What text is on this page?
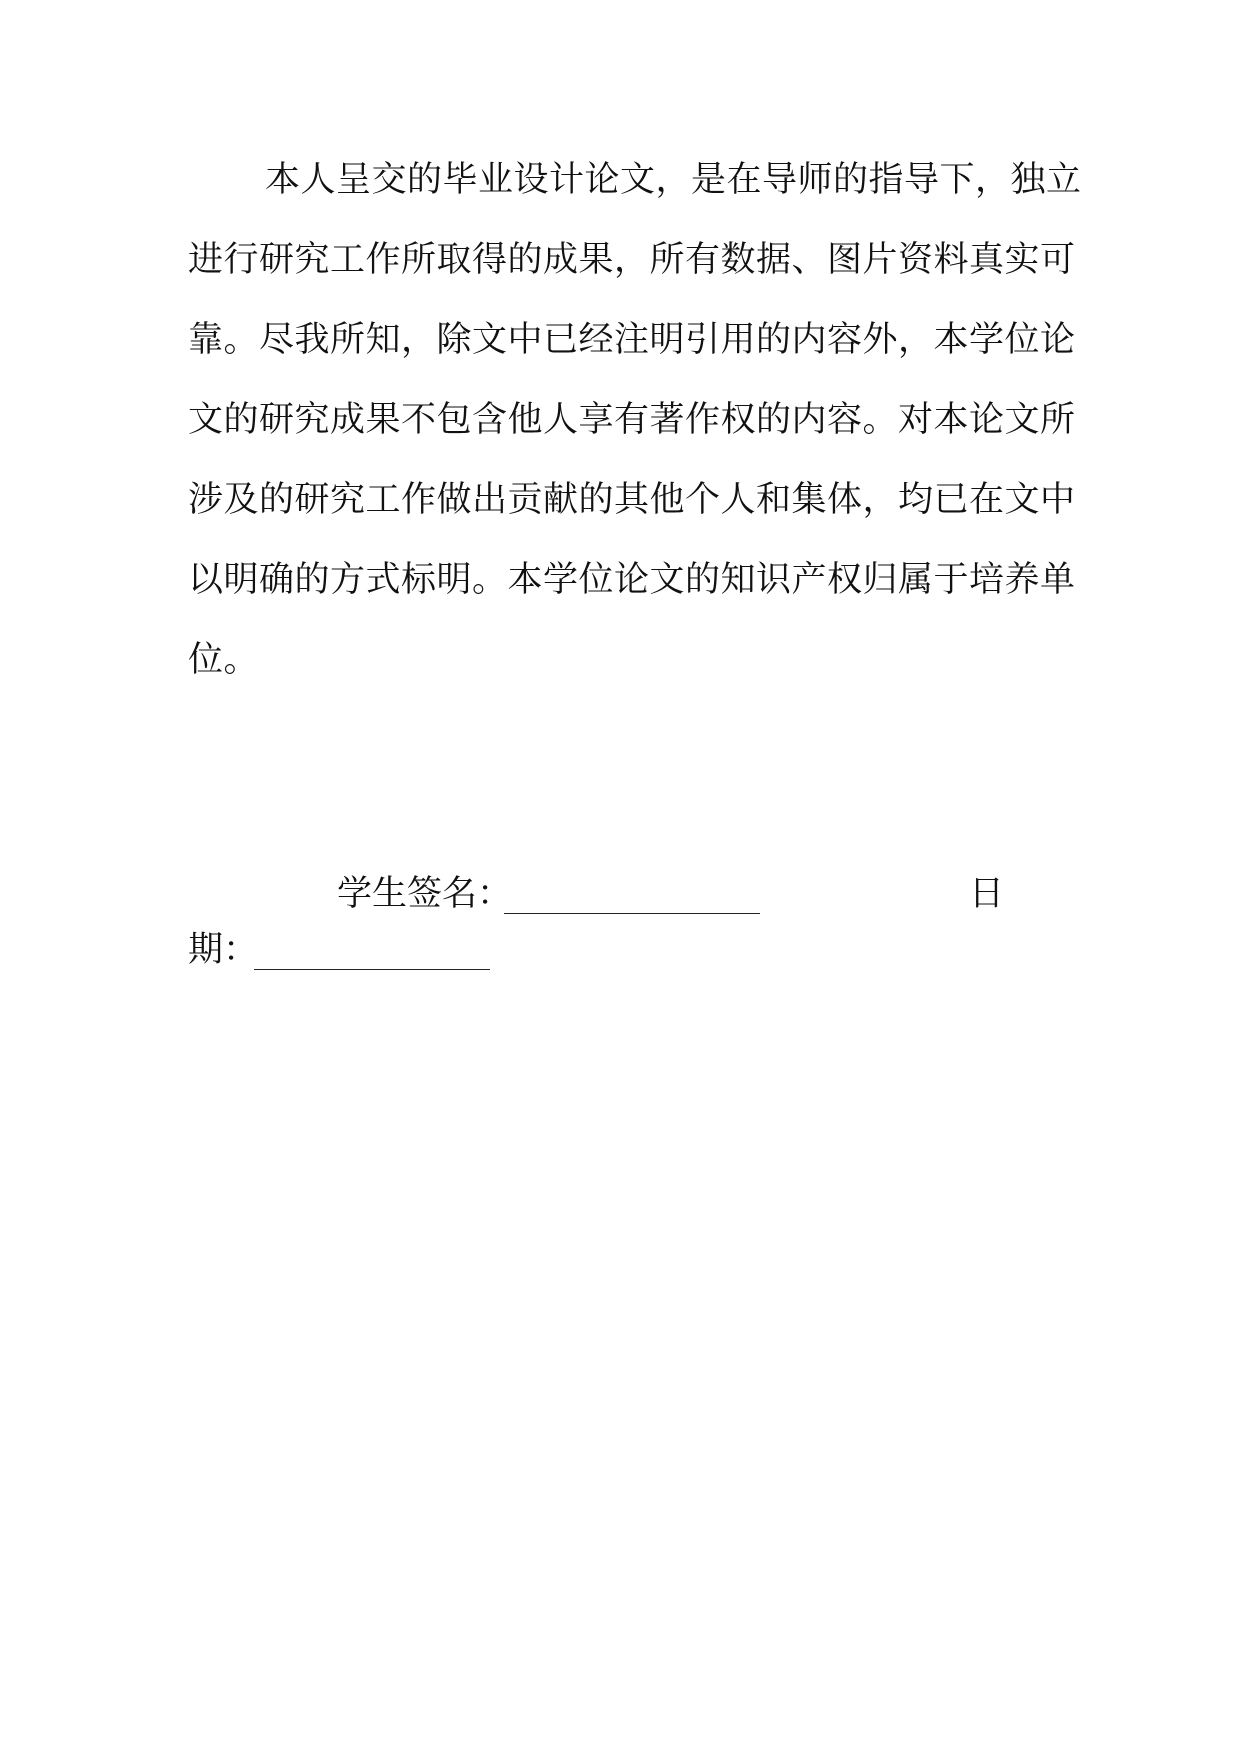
本人呈交的毕业设计论文，是在导师的指导下，独立
进行研究工作所取得的成果，所有数据、图片资料真实可
靠。尽我所知，除文中已经注明引用的内容外，本学位论
文的研究成果不包含他人享有著作权的内容。对本论文所
涉及的研究工作做出贡献的其他个人和集体，均已在文中
以明确的方式标明。本学位论文的知识产权归属于培养单
位。
学生签名：	日
期：
